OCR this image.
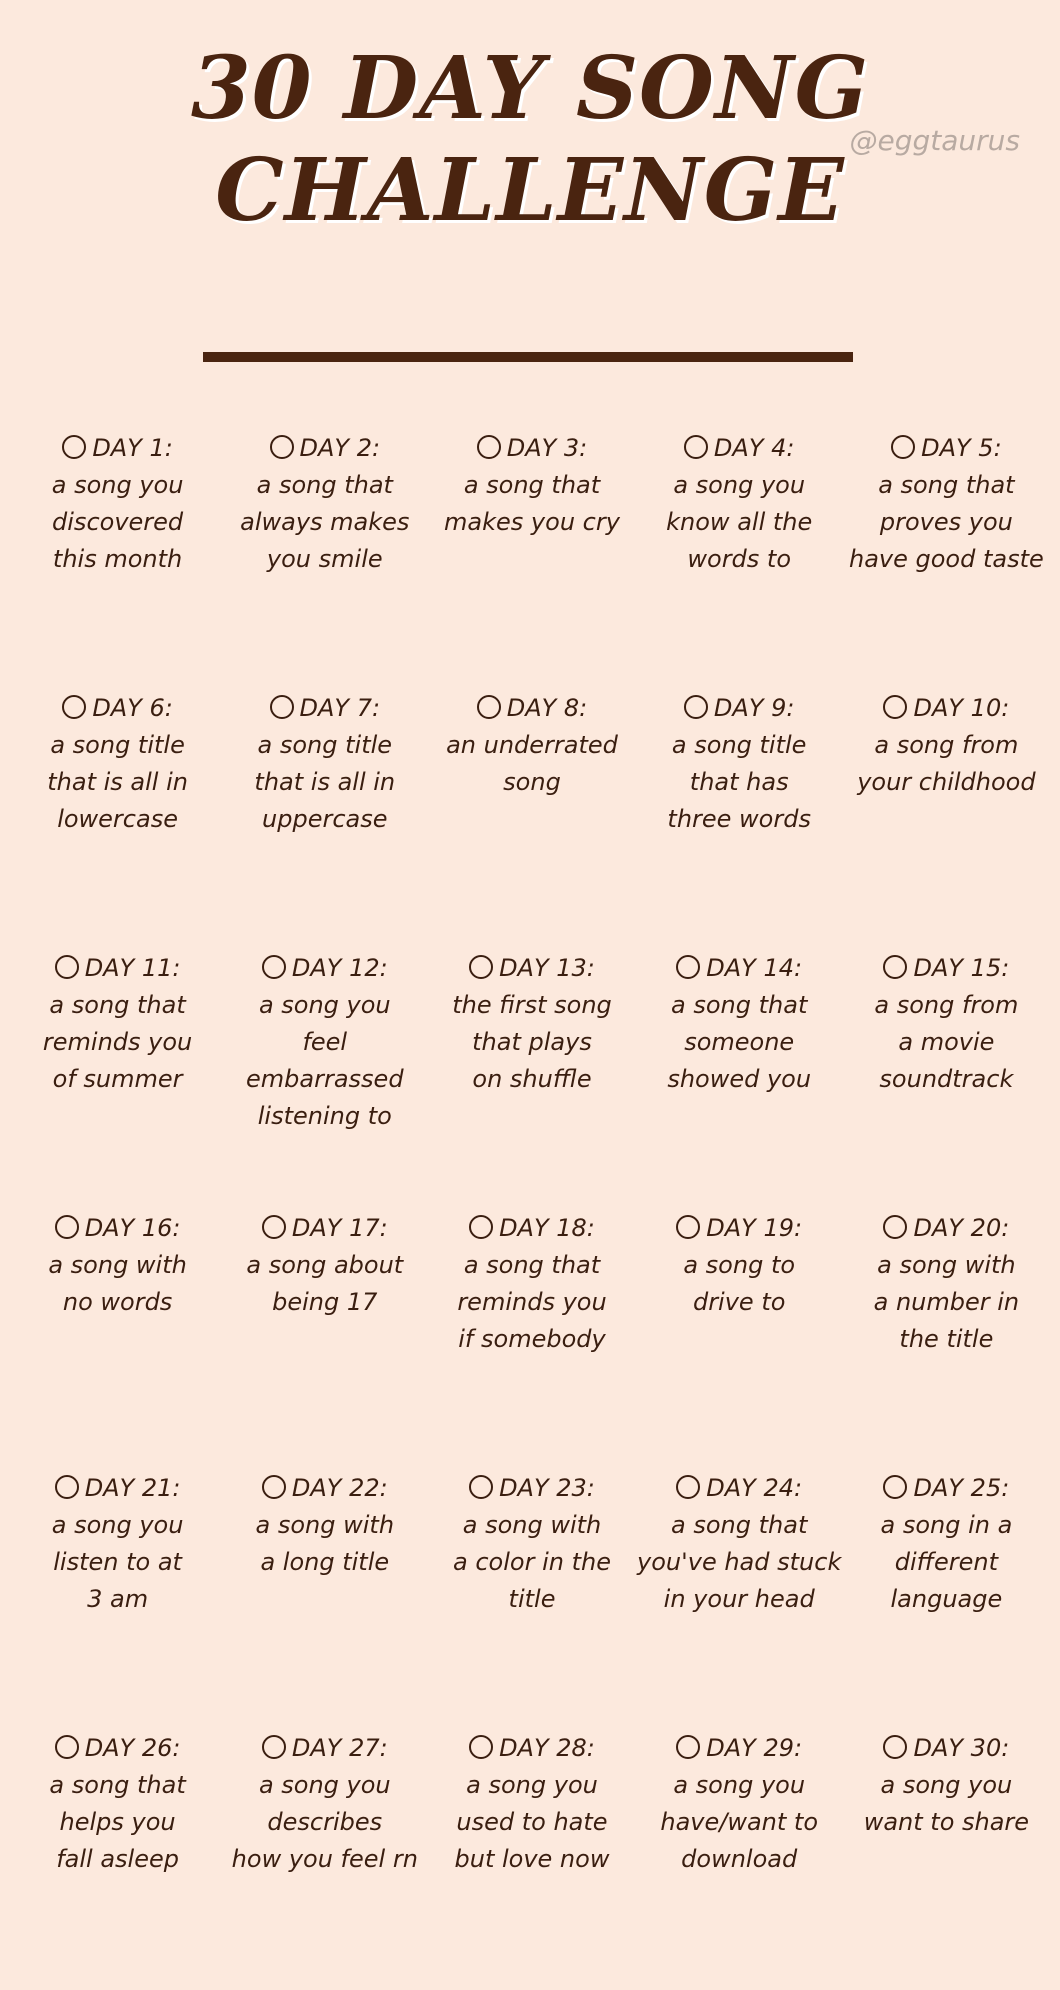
30 DAY SONG
CHALLENGE @eggtaurus
DAY 1:
a song you
discovered
this month
DAY 2:
a song that
always makes
you smile
DAY 3:
a song that
makes you cry
DAY 4:
a song you
know all the
words to
DAY 5:
a song that
proves you
have good taste
DAY 6:
a song title
that is all in
lowercase
DAY 7:
a song title
that is all in
uppercase
DAY 8:
an underrated
song
DAY 9:
a song title
that has
three words
DAY 10:
a song from
your childhood
DAY 11:
a song that
reminds you
of summer
DAY 12:
a song you
feel embarrassed
listening to
DAY 13:
the first song
that plays
on shuffle
DAY 14:
a song that
someone
showed you
DAY 15:
a song from
a movie
soundtrack
DAY 16:
a song with
no words
DAY 17:
a song about
being 17
DAY 18:
a song that
reminds you
if somebody
DAY 19:
a song to
drive to
DAY 20:
a song with
a number in
the title
DAY 21:
a song you
listen to at
3 am
DAY 22:
a song with
a long title
DAY 23:
a song with
a color in the
title
DAY 24:
a song that
you've had stuck
in your head
DAY 25:
a song in a
different
language
DAY 26:
a song that
helps you
fall asleep
DAY 27:
a song you
describes
how you feel rn
DAY 28:
a song you
used to hate
but love now
DAY 29:
a song you
have/want to
download
DAY 30:
a song you
want to share
